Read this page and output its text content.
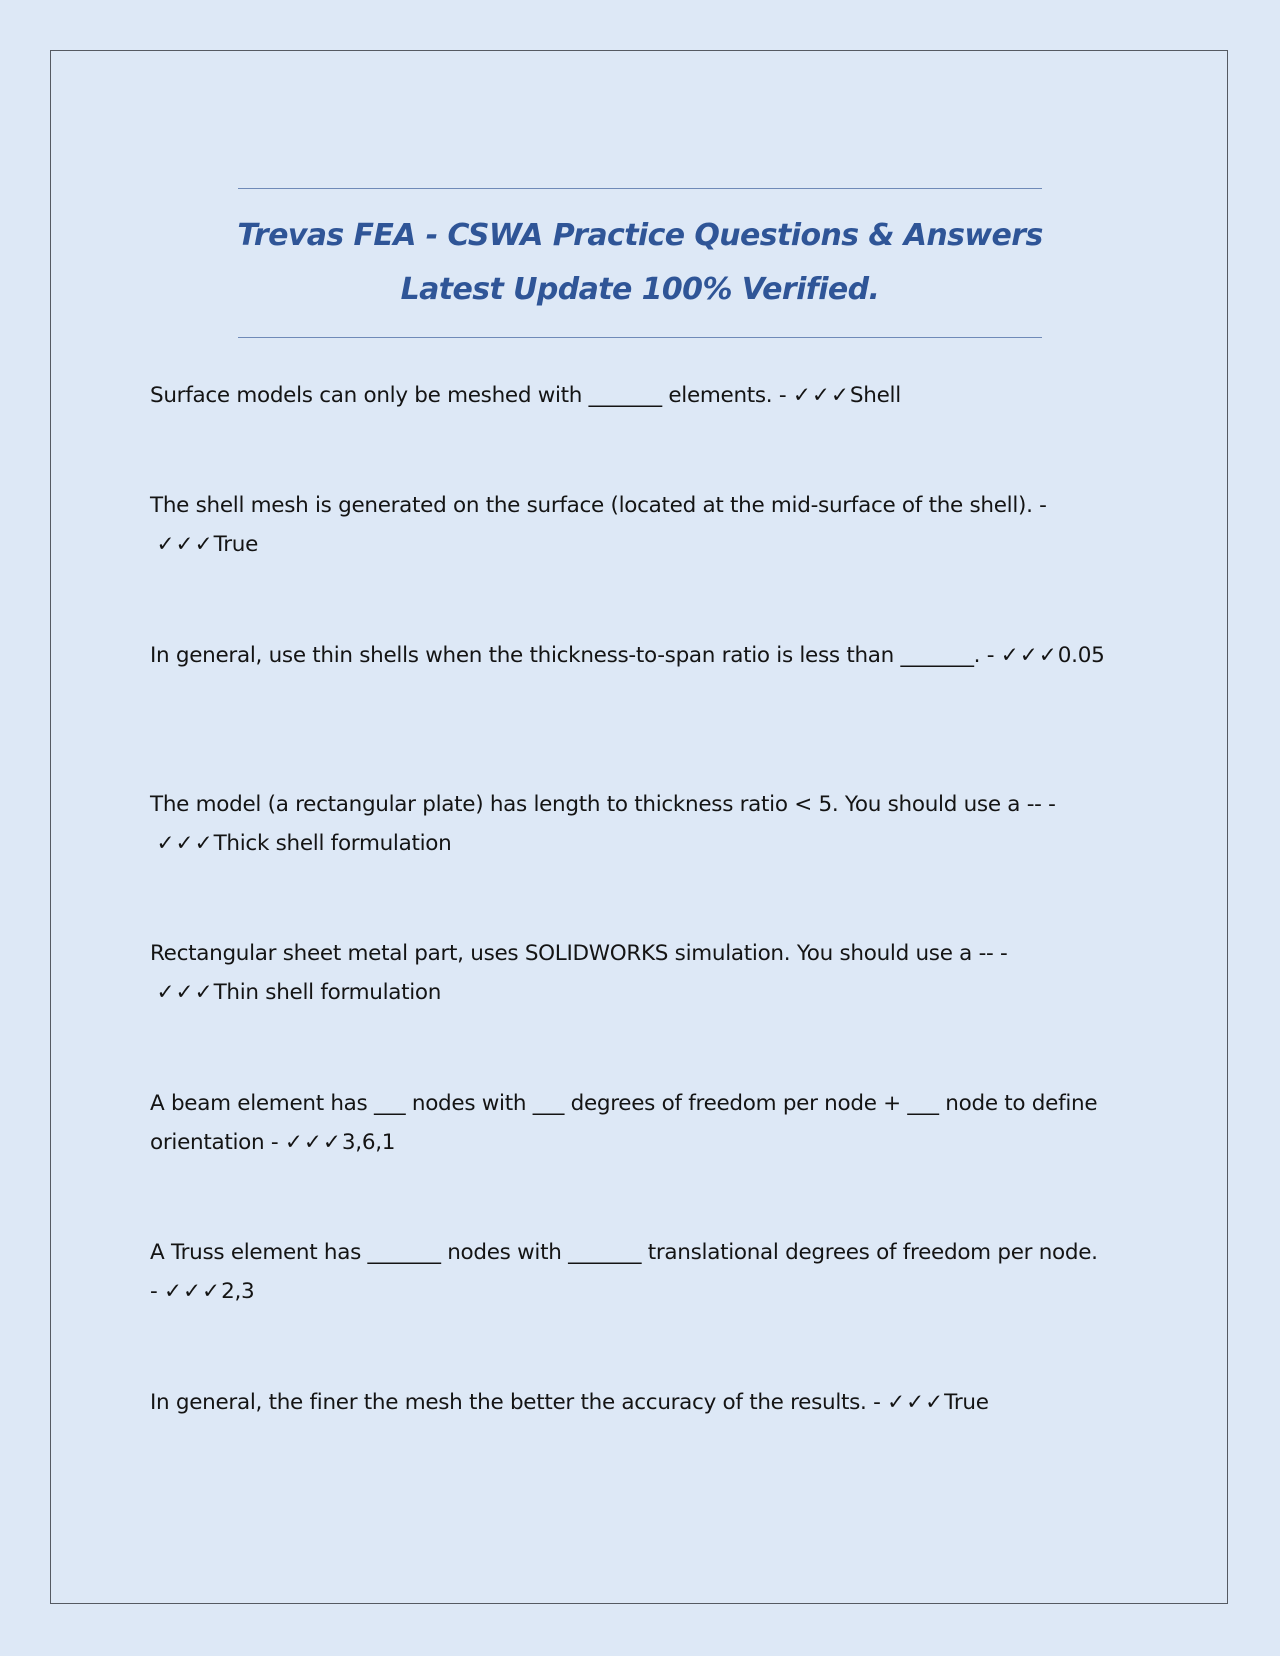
Trevas FEA - CSWA Practice Questions & Answers
Latest Update 100% Verified.
Surface models can only be meshed with _______ elements. - ✓✓✓Shell
The shell mesh is generated on the surface (located at the mid-surface of the shell). - ✓✓✓True
In general, use thin shells when the thickness-to-span ratio is less than _______. - ✓✓✓0.05
The model (a rectangular plate) has length to thickness ratio < 5. You should use a -- - ✓✓✓Thick shell formulation
Rectangular sheet metal part, uses SOLIDWORKS simulation. You should use a -- - ✓✓✓Thin shell formulation
A beam element has ___ nodes with ___ degrees of freedom per node + ___ node to define orientation - ✓✓✓3,6,1
A Truss element has _______ nodes with _______ translational degrees of freedom per node. - ✓✓✓2,3
In general, the finer the mesh the better the accuracy of the results. - ✓✓✓True
